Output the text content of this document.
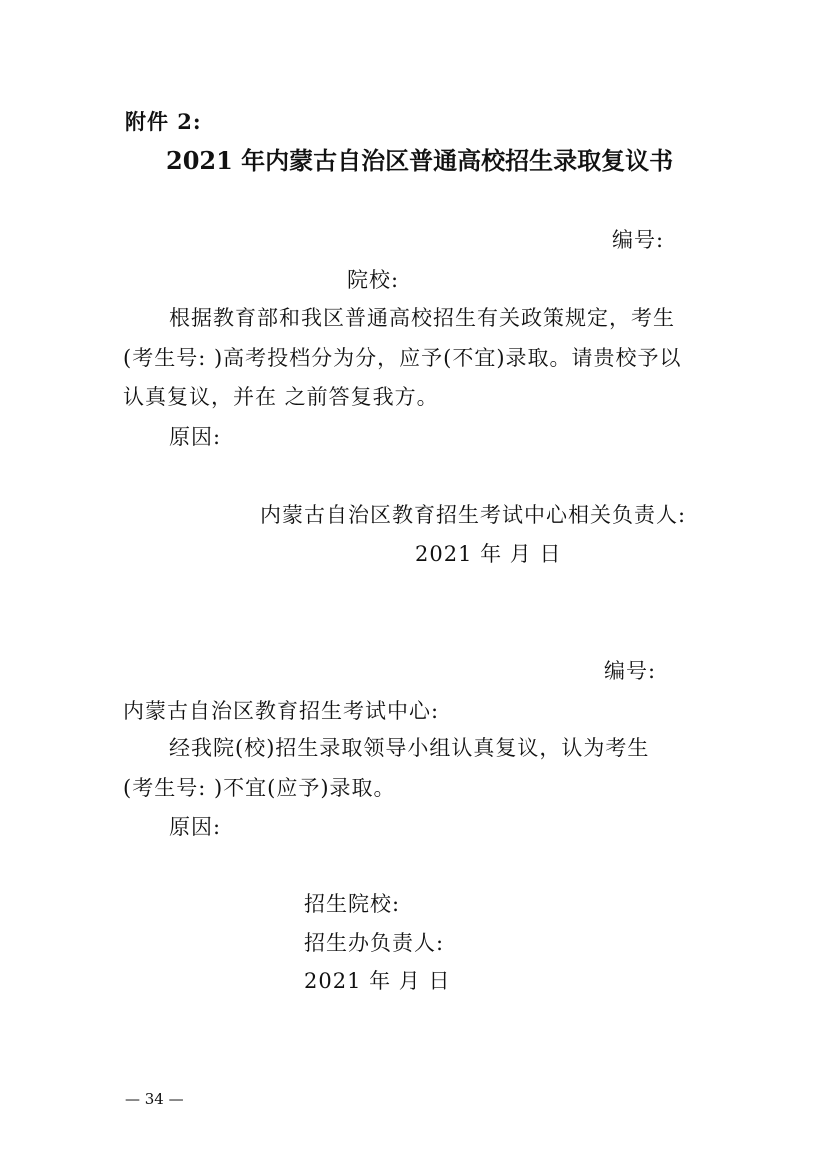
附件 2:
2021 年内蒙古自治区普通高校招生录取复议书
编号:
院校:
根据教育部和我区普通高校招生有关政策规定，考生
(考生号: )高考投档分为分，应予(不宜)录取。请贵校予以
认真复议，并在 之前答复我方。
原因:
内蒙古自治区教育招生考试中心相关负责人:
2021 年 月 日
编号:
内蒙古自治区教育招生考试中心:
经我院(校)招生录取领导小组认真复议，认为考生
(考生号: )不宜(应予)录取。
原因:
招生院校:
招生办负责人:
2021 年 月 日
— 34 —
